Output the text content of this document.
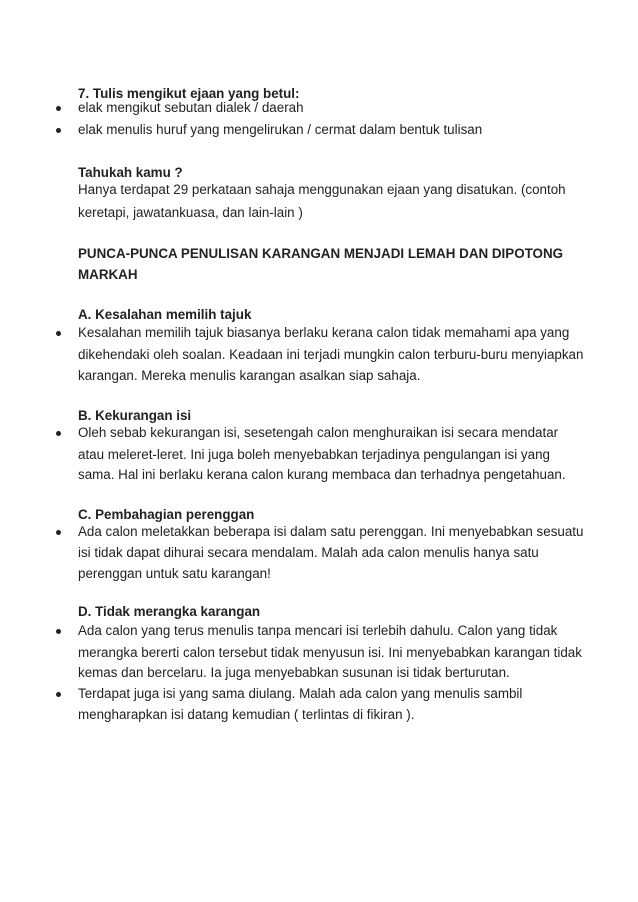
7. Tulis mengikut ejaan yang betul:
elak mengikut sebutan dialek / daerah
elak menulis huruf yang mengelirukan / cermat dalam bentuk tulisan
Tahukah kamu ?
Hanya terdapat 29 perkataan sahaja menggunakan ejaan yang disatukan. (contoh
keretapi, jawatankuasa, dan lain-lain )
PUNCA-PUNCA PENULISAN KARANGAN MENJADI LEMAH DAN DIPOTONG
MARKAH
A. Kesalahan memilih tajuk
Kesalahan memilih tajuk biasanya berlaku kerana calon tidak memahami apa yang
dikehendaki oleh soalan. Keadaan ini terjadi mungkin calon terburu-buru menyiapkan
karangan. Mereka menulis karangan asalkan siap sahaja.
B. Kekurangan isi
Oleh sebab kekurangan isi, sesetengah calon menghuraikan isi secara mendatar
atau meleret-leret. Ini juga boleh menyebabkan terjadinya pengulangan isi yang
sama. Hal ini berlaku kerana calon kurang membaca dan terhadnya pengetahuan.
C. Pembahagian perenggan
Ada calon meletakkan beberapa isi dalam satu perenggan. Ini menyebabkan sesuatu
isi tidak dapat dihurai secara mendalam. Malah ada calon menulis hanya satu
perenggan untuk satu karangan!
D. Tidak merangka karangan
Ada calon yang terus menulis tanpa mencari isi terlebih dahulu. Calon yang tidak
merangka bererti calon tersebut tidak menyusun isi. Ini menyebabkan karangan tidak
kemas dan bercelaru. Ia juga menyebabkan susunan isi tidak berturutan.
Terdapat juga isi yang sama diulang. Malah ada calon yang menulis sambil
mengharapkan isi datang kemudian ( terlintas di fikiran ).
